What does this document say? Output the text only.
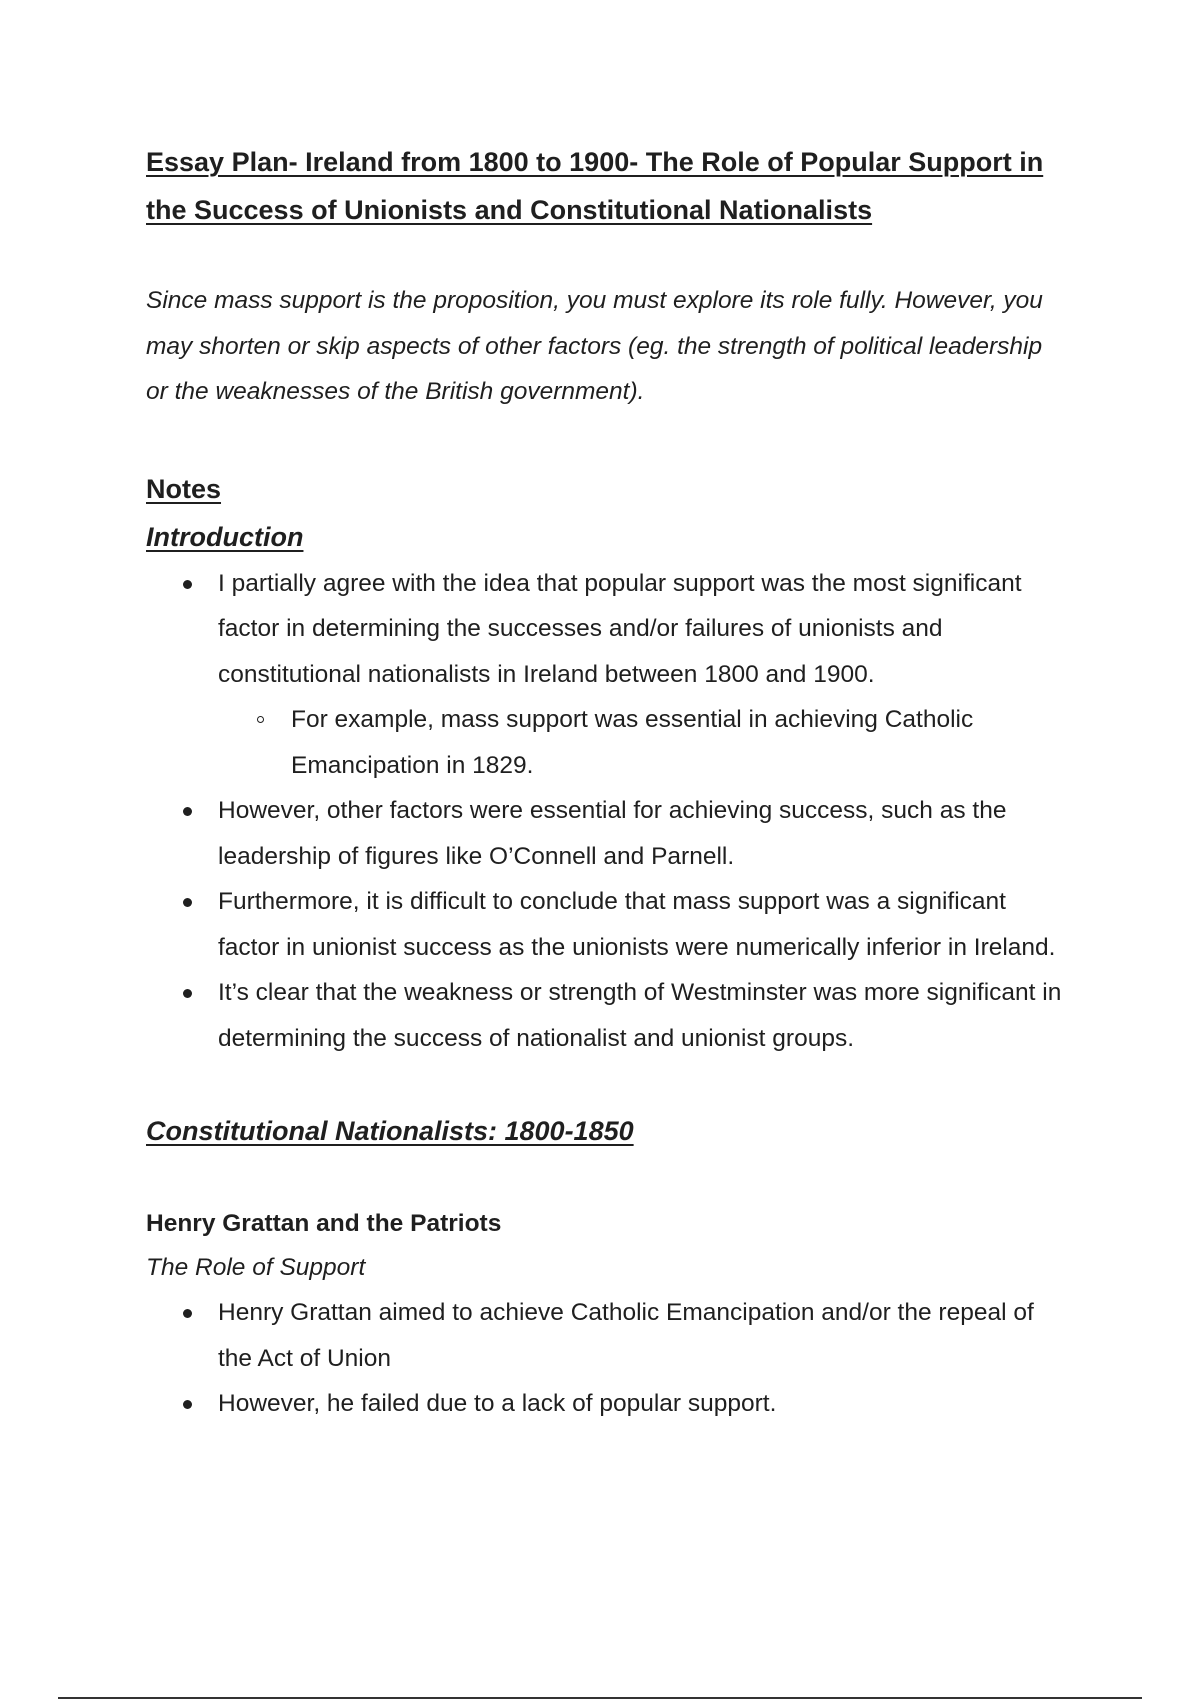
Essay Plan- Ireland from 1800 to 1900- The Role of Popular Support in the Success of Unionists and Constitutional Nationalists

Since mass support is the proposition, you must explore its role fully. However, you may shorten or skip aspects of other factors (eg. the strength of political leadership or the weaknesses of the British government).

Notes
Introduction
I partially agree with the idea that popular support was the most significant factor in determining the successes and/or failures of unionists and constitutional nationalists in Ireland between 1800 and 1900.
For example, mass support was essential in achieving Catholic Emancipation in 1829.
However, other factors were essential for achieving success, such as the leadership of figures like O’Connell and Parnell.
Furthermore, it is difficult to conclude that mass support was a significant factor in unionist success as the unionists were numerically inferior in Ireland.
It’s clear that the weakness or strength of Westminster was more significant in determining the success of nationalist and unionist groups.
Constitutional Nationalists: 1800-1850
Henry Grattan and the Patriots
The Role of Support
Henry Grattan aimed to achieve Catholic Emancipation and/or the repeal of the Act of Union
However, he failed due to a lack of popular support.
